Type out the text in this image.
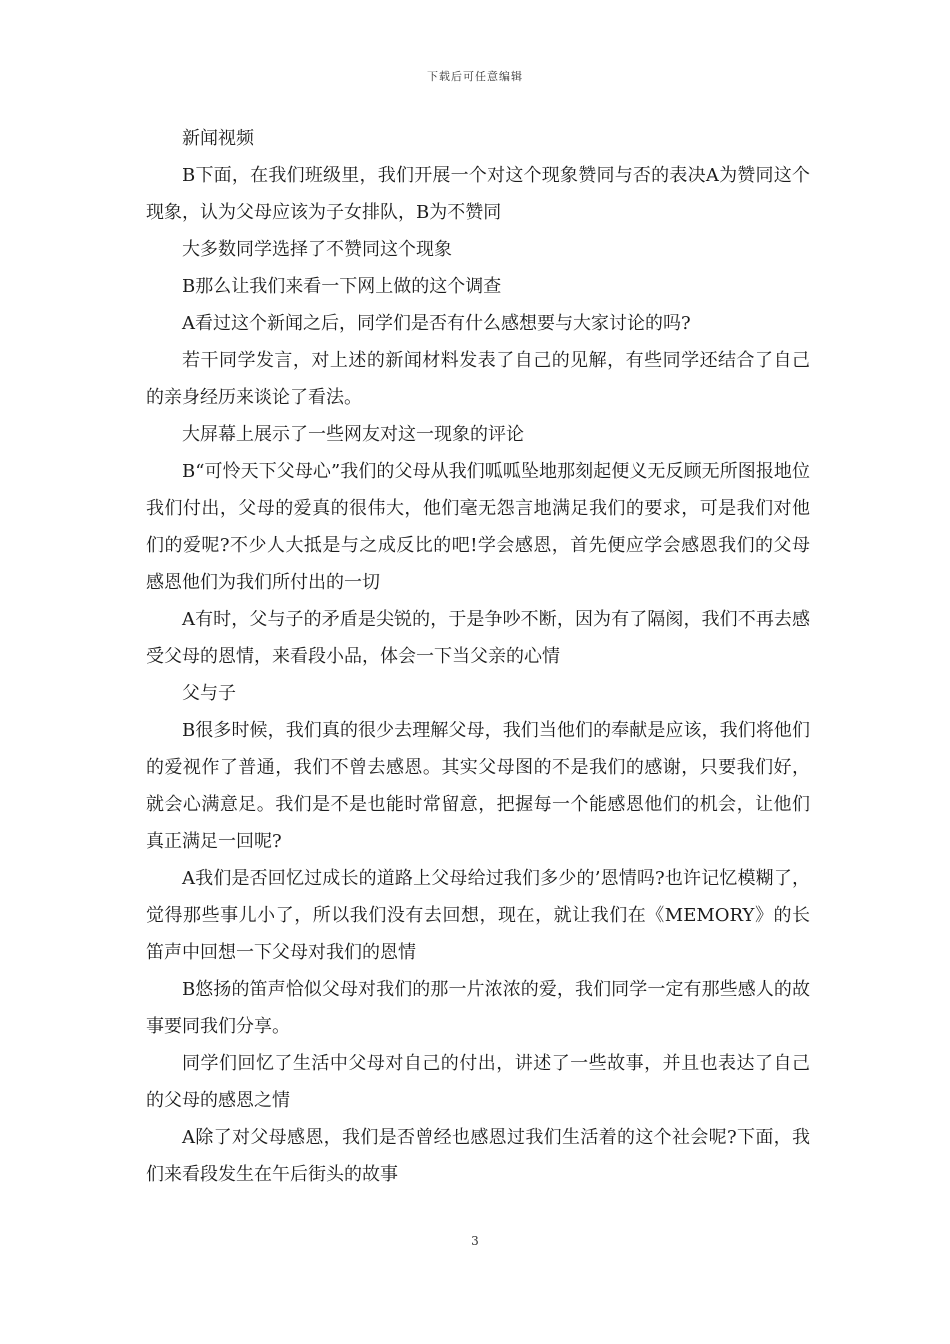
下载后可任意编辑

新闻视频

B下面，在我们班级里，我们开展一个对这个现象赞同与否的表决A为赞同这个现象，认为父母应该为子女排队，B为不赞同

大多数同学选择了不赞同这个现象

B那么让我们来看一下网上做的这个调查

A看过这个新闻之后，同学们是否有什么感想要与大家讨论的吗?

若干同学发言，对上述的新闻材料发表了自己的见解，有些同学还结合了自己的亲身经历来谈论了看法。

大屏幕上展示了一些网友对这一现象的评论

B“可怜天下父母心”我们的父母从我们呱呱坠地那刻起便义无反顾无所图报地位我们付出，父母的爱真的很伟大，他们毫无怨言地满足我们的要求，可是我们对他们的爱呢?不少人大抵是与之成反比的吧!学会感恩，首先便应学会感恩我们的父母感恩他们为我们所付出的一切

A有时，父与子的矛盾是尖锐的，于是争吵不断，因为有了隔阂，我们不再去感受父母的恩情，来看段小品，体会一下当父亲的心情

父与子

B很多时候，我们真的很少去理解父母，我们当他们的奉献是应该，我们将他们的爱视作了普通，我们不曾去感恩。其实父母图的不是我们的感谢，只要我们好，就会心满意足。我们是不是也能时常留意，把握每一个能感恩他们的机会，让他们真正满足一回呢?

A我们是否回忆过成长的道路上父母给过我们多少的’恩情吗?也许记忆模糊了，觉得那些事儿小了，所以我们没有去回想，现在，就让我们在《MEMORY》的长笛声中回想一下父母对我们的恩情

B悠扬的笛声恰似父母对我们的那一片浓浓的爱，我们同学一定有那些感人的故事要同我们分享。

同学们回忆了生活中父母对自己的付出，讲述了一些故事，并且也表达了自己的父母的感恩之情

A除了对父母感恩，我们是否曾经也感恩过我们生活着的这个社会呢?下面，我们来看段发生在午后街头的故事

3
